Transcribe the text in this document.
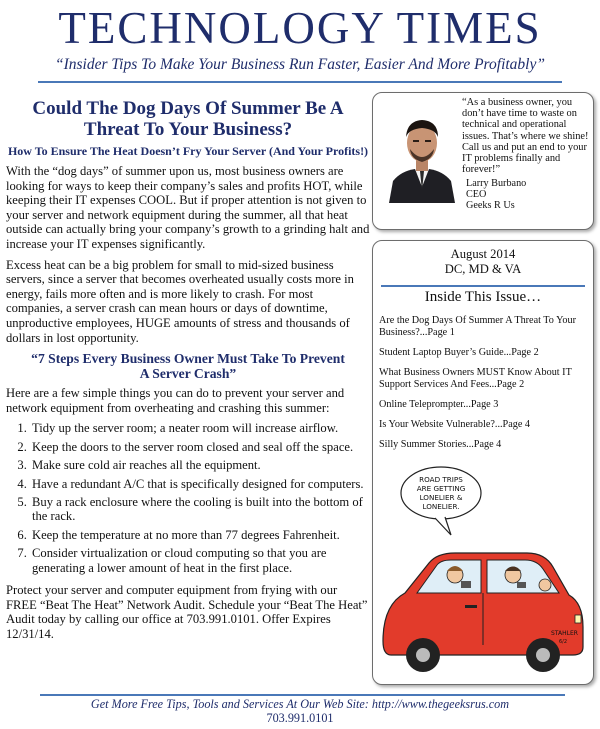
TECHNOLOGY TIMES
“Insider Tips To Make Your Business Run Faster, Easier And More Profitably”
Could The Dog Days Of Summer Be A Threat To Your Business?
How To Ensure The Heat Doesn’t Fry Your Server (And Your Profits!)

With the “dog days” of summer upon us, most business owners are looking for ways to keep their company’s sales and profits HOT, while keeping their IT expenses COOL. But if proper attention is not given to your server and network equipment during the summer, all that heat outside can actually bring your company’s growth to a grinding halt and increase your IT expenses significantly.

Excess heat can be a big problem for small to mid-sized business servers, since a server that becomes overheated usually costs more in energy, fails more often and is more likely to crash. For most companies, a server crash can mean hours or days of downtime, unproductive employees, HUGE amounts of stress and thousands of dollars in lost opportunity.

“7 Steps Every Business Owner Must Take To Prevent A Server Crash”

Here are a few simple things you can do to prevent your server and network equipment from overheating and crashing this summer:

1. Tidy up the server room; a neater room will increase airflow.
2. Keep the doors to the server room closed and seal off the space.
3. Make sure cold air reaches all the equipment.
4. Have a redundant A/C that is specifically designed for computers.
5. Buy a rack enclosure where the cooling is built into the bottom of the rack.
6. Keep the temperature at no more than 77 degrees Fahrenheit.
7. Consider virtualization or cloud computing so that you are generating a lower amount of heat in the first place.

Protect your server and computer equipment from frying with our FREE “Beat The Heat” Network Audit. Schedule your “Beat The Heat” Audit today by calling our office at 703.991.0101. Offer Expires 12/31/14.

“As a business owner, you don’t have time to waste on technical and operational issues. That’s where we shine! Call us and put an end to your IT problems finally and forever!”
Larry Burbano
CEO
Geeks R Us
August 2014
DC, MD & VA
Inside This Issue…
Are the Dog Days Of Summer A Threat To Your Business?...Page 1
Student Laptop Buyer’s Guide...Page 2
What Business Owners MUST Know About IT Support Services And Fees...Page 2
Online Teleprompter...Page 3
Is Your Website Vulnerable?...Page 4
Silly Summer Stories...Page 4
ROAD TRIPS
ARE GETTING
LONELIER &
LONELIER.
STAHLER
6/2
Get More Free Tips, Tools and Services At Our Web Site: http://www.thegeeksrus.com
703.991.0101
